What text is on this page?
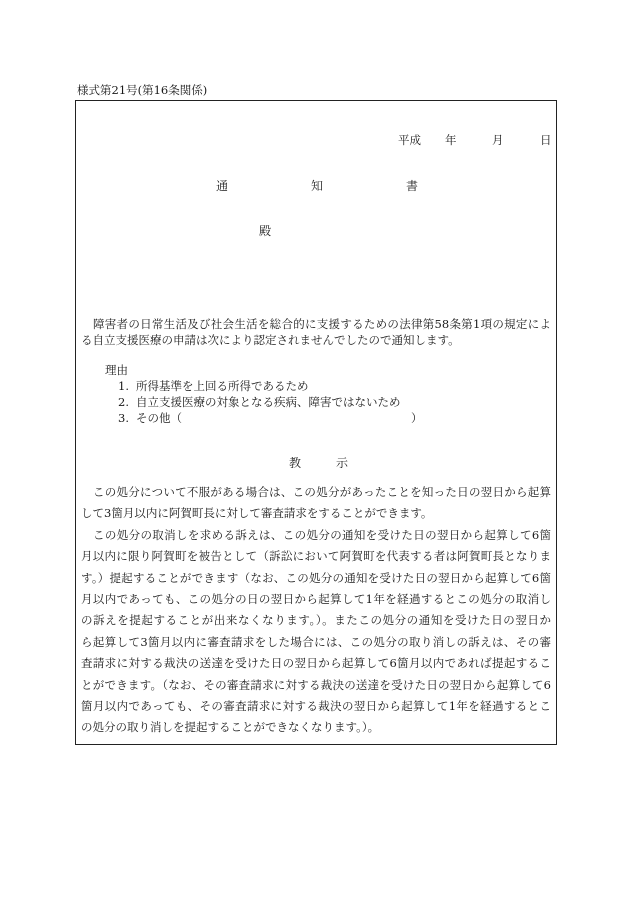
様式第21号(第16条関係)
平成 年	月	日
通知書
殿
障害者の日常生活及び社会生活を総合的に支援するための法律第58条第1項の規定によ
る自立支援医療の申請は次により認定されませんでしたので通知します。
理由
1. 所得基準を上回る所得であるため
2. 自立支援医療の対象となる疾病、障害ではないため
3. その他（	）
教示
この処分について不服がある場合は、この処分があったことを知った日の翌日から起算
して3箇月以内に阿賀町長に対して審査請求をすることができます。
この処分の取消しを求める訴えは、この処分の通知を受けた日の翌日から起算して6箇
月以内に限り阿賀町を被告として（訴訟において阿賀町を代表する者は阿賀町長となりま
す。）提起することができます（なお、この処分の通知を受けた日の翌日から起算して6箇
月以内であっても、この処分の日の翌日から起算して1年を経過するとこの処分の取消し
の訴えを提起することが出来なくなります。）。またこの処分の通知を受けた日の翌日か
ら起算して3箇月以内に審査請求をした場合には、この処分の取り消しの訴えは、その審
査請求に対する裁決の送達を受けた日の翌日から起算して6箇月以内であれば提起するこ
とができます。（なお、その審査請求に対する裁決の送達を受けた日の翌日から起算して6
箇月以内であっても、その審査請求に対する裁決の翌日から起算して1年を経過するとこ
の処分の取り消しを提起することができなくなります。）。
